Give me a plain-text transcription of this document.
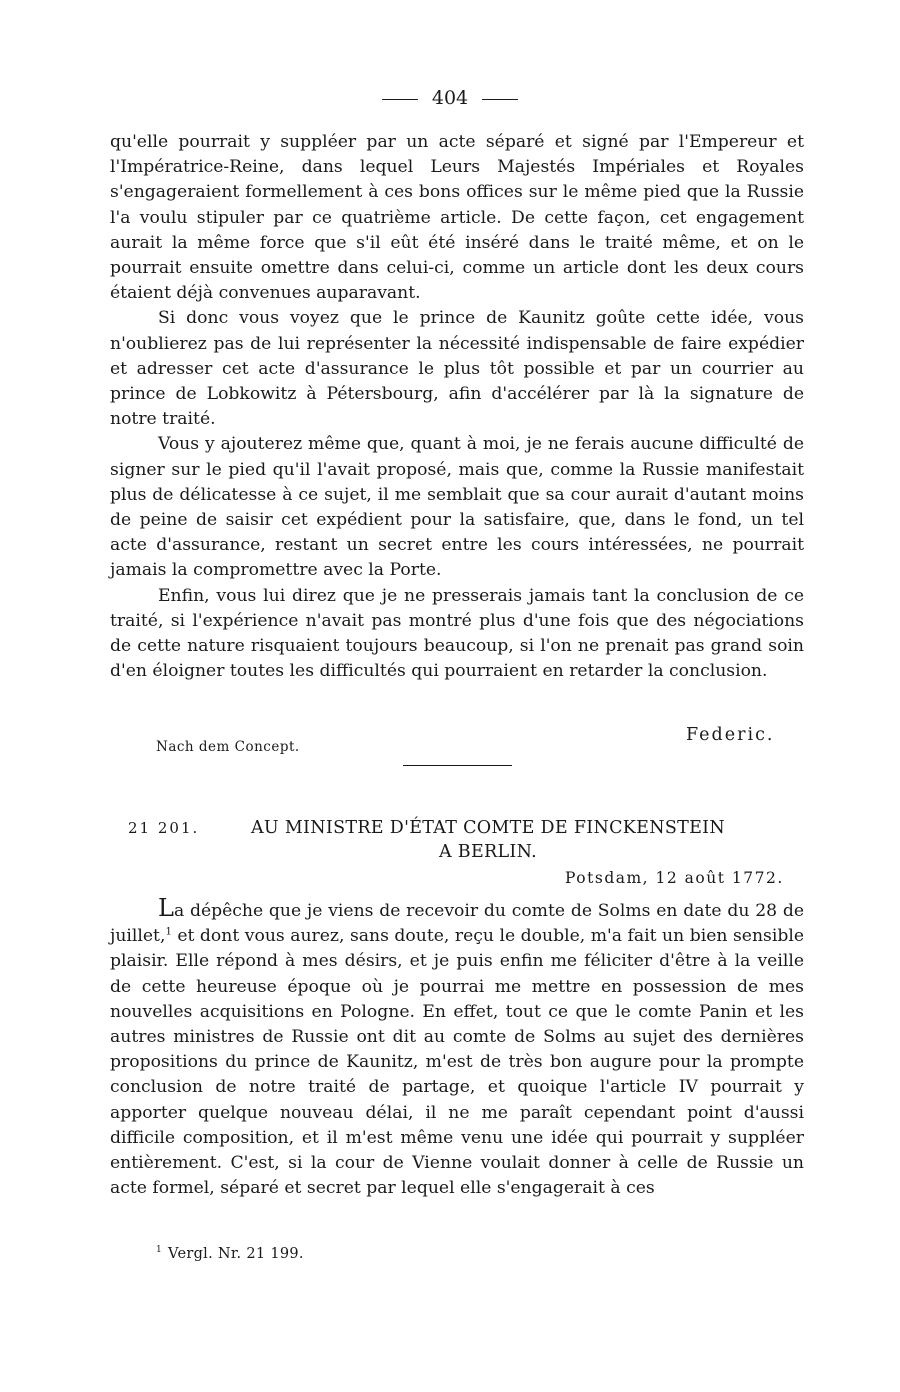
404

qu'elle pourrait y suppléer par un acte séparé et signé par l'Empereur et l'Impératrice-Reine, dans lequel Leurs Majestés Impériales et Royales s'engageraient formellement à ces bons offices sur le même pied que la Russie l'a voulu stipuler par ce quatrième article. De cette façon, cet engagement aurait la même force que s'il eût été inséré dans le traité même, et on le pourrait ensuite omettre dans celui-ci, comme un article dont les deux cours étaient déjà convenues auparavant.

Si donc vous voyez que le prince de Kaunitz goûte cette idée, vous n'oublierez pas de lui représenter la nécessité indispensable de faire expédier et adresser cet acte d'assurance le plus tôt possible et par un courrier au prince de Lobkowitz à Pétersbourg, afin d'accélérer par là la signature de notre traité.

Vous y ajouterez même que, quant à moi, je ne ferais aucune difficulté de signer sur le pied qu'il l'avait proposé, mais que, comme la Russie manifestait plus de délicatesse à ce sujet, il me semblait que sa cour aurait d'autant moins de peine de saisir cet expédient pour la satisfaire, que, dans le fond, un tel acte d'assurance, restant un secret entre les cours intéressées, ne pourrait jamais la compromettre avec la Porte.

Enfin, vous lui direz que je ne presserais jamais tant la conclusion de ce traité, si l'expérience n'avait pas montré plus d'une fois que des négociations de cette nature risquaient toujours beaucoup, si l'on ne prenait pas grand soin d'en éloigner toutes les difficultés qui pourraient en retarder la conclusion.

Federic.
Nach dem Concept.
21 201.	AU MINISTRE D'ÉTAT COMTE DE FINCKENSTEIN
A BERLIN.
Potsdam, 12 août 1772.

La dépêche que je viens de recevoir du comte de Solms en date du 28 de juillet,$^1$ et dont vous aurez, sans doute, reçu le double, m'a fait un bien sensible plaisir. Elle répond à mes désirs, et je puis enfin me féliciter d'être à la veille de cette heureuse époque où je pourrai me mettre en possession de mes nouvelles acquisitions en Pologne. En effet, tout ce que le comte Panin et les autres ministres de Russie ont dit au comte de Solms au sujet des dernières propositions du prince de Kaunitz, m'est de très bon augure pour la prompte conclusion de notre traité de partage, et quoique l'article IV pourrait y apporter quelque nouveau délai, il ne me paraît cependant point d'aussi difficile composition, et il m'est même venu une idée qui pourrait y suppléer entièrement. C'est, si la cour de Vienne voulait donner à celle de Russie un acte formel, séparé et secret par lequel elle s'engagerait à ces

$^1$ Vergl. Nr. 21 199.
